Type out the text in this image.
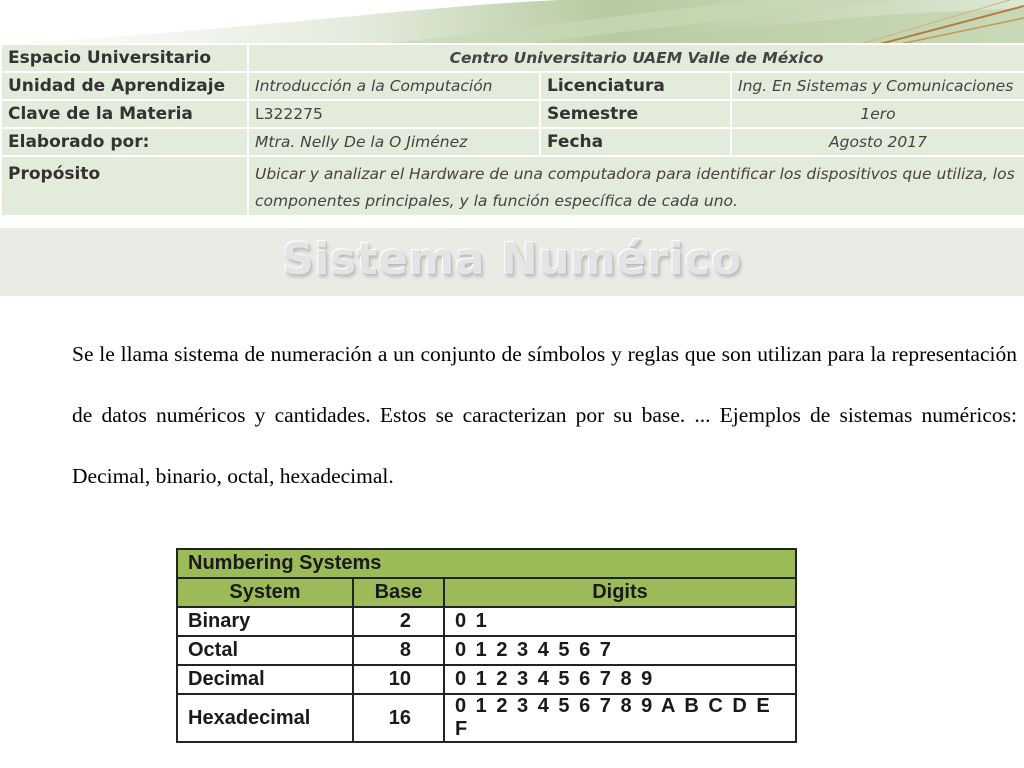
Espacio Universitario	Centro Universitario UAEM Valle de México		
Unidad de Aprendizaje	Introducción a la Computación	Licenciatura	Ing. En Sistemas y Comunicaciones
Clave de la Materia	L322275	Semestre	1ero
Elaborado por:	Mtra. Nelly De la O Jiménez	Fecha	Agosto 2017
Propósito	Ubicar y analizar el Hardware de una computadora para identificar los dispositivos que utiliza, los componentes principales, y la función específica de cada uno.		
Sistema Numérico
Se le llama sistema de numeración a un conjunto de símbolos y reglas que son utilizan para la representación de datos numéricos y cantidades. Estos se caracterizan por su base. ... Ejemplos de sistemas numéricos: Decimal, binario, octal, hexadecimal.
Numbering Systems		
System	Base	Digits
Binary	2	0 1
Octal	8	0 1 2 3 4 5 6 7
Decimal	10	0 1 2 3 4 5 6 7 8 9
Hexadecimal	16	0 1 2 3 4 5 6 7 8 9 A B C D E F
